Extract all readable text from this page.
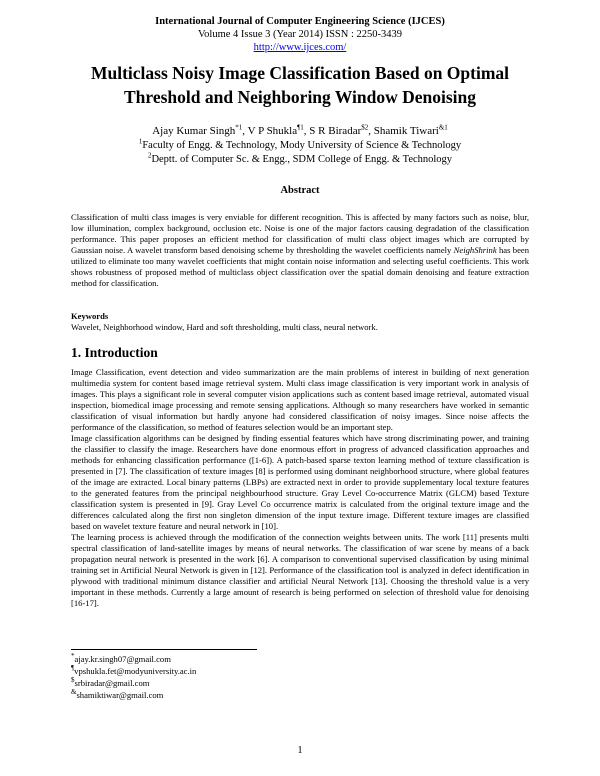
International Journal of Computer Engineering Science (IJCES)
Volume 4 Issue 3 (Year 2014) ISSN : 2250-3439
http://www.ijces.com/
Multiclass Noisy Image Classification Based on Optimal
Threshold and Neighboring Window Denoising
Ajay Kumar Singh$^{*1}$, V P Shukla$^{\P 1}$, S R Biradar$^{\$2}$, Shamik Tiwari$^{\&1}$
$^1$Faculty of Engg. & Technology, Mody University of Science & Technology
$^2$Deptt. of Computer Sc. & Engg., SDM College of Engg. & Technology
Abstract
Classification of multi class images is very enviable for different recognition. This is affected by many factors such as noise, blur, low illumination, complex background, occlusion etc. Noise is one of the major factors causing degradation of the classification performance. This paper proposes an efficient method for classification of multi class object images which are corrupted by Gaussian noise. A wavelet transform based denoising scheme by thresholding the wavelet coefficients namely NeighShrink has been utilized to eliminate too many wavelet coefficients that might contain noise information and selecting useful coefficients. This work shows robustness of proposed method of multiclass object classification over the spatial domain denoising and feature extraction method for classification.
Keywords
Wavelet, Neighborhood window, Hard and soft thresholding, multi class, neural network.
1. Introduction
Image Classification, event detection and video summarization are the main problems of interest in building of next generation multimedia system for content based image retrieval system. Multi class image classification is very important work in analysis of images. This plays a significant role in several computer vision applications such as content based image retrieval, automated visual inspection, biomedical image processing and remote sensing applications. Although so many researchers have worked in semantic classification of visual information but hardly anyone had considered classification of noisy images. Since noise affects the performance of the classification, so method of features selection would be an important step.
Image classification algorithms can be designed by finding essential features which have strong discriminating power, and training the classifier to classify the image. Researchers have done enormous effort in progress of advanced classification approaches and methods for enhancing classification performance ([1-6]). A patch-based sparse texton learning method of texture classification is presented in [7]. The classification of texture images [8] is performed using dominant neighborhood structure, where global features of the image are extracted. Local binary patterns (LBPs) are extracted next in order to provide supplementary local texture features to the generated features from the principal neighbourhood structure. Gray Level Co-occurrence Matrix (GLCM) based Texture classification system is presented in [9]. Gray Level Co occurrence matrix is calculated from the original texture image and the differences calculated along the first non singleton dimension of the input texture image. Different texture images are classified based on wavelet texture feature and neural network in [10].
The learning process is achieved through the modification of the connection weights between units. The work [11] presents multi spectral classification of land-satellite images by means of neural networks. The classification of war scene by means of a back propagation neural network is presented in the work [6]. A comparison to conventional supervised classification by using minimal training set in Artificial Neural Network is given in [12]. Performance of the classification tool is analyzed in defect identification in plywood with traditional minimum distance classifier and artificial Neural Network [13]. Choosing the threshold value is a very important in these methods. Currently a large amount of research is being performed on selection of threshold value for denoising [16-17].
*ajay.kr.singh07@gmail.com
¶vpshukla.fet@modyuniversity.ac.in
$srbiradar@gmail.com
&shamiktiwar@gmail.com
1
